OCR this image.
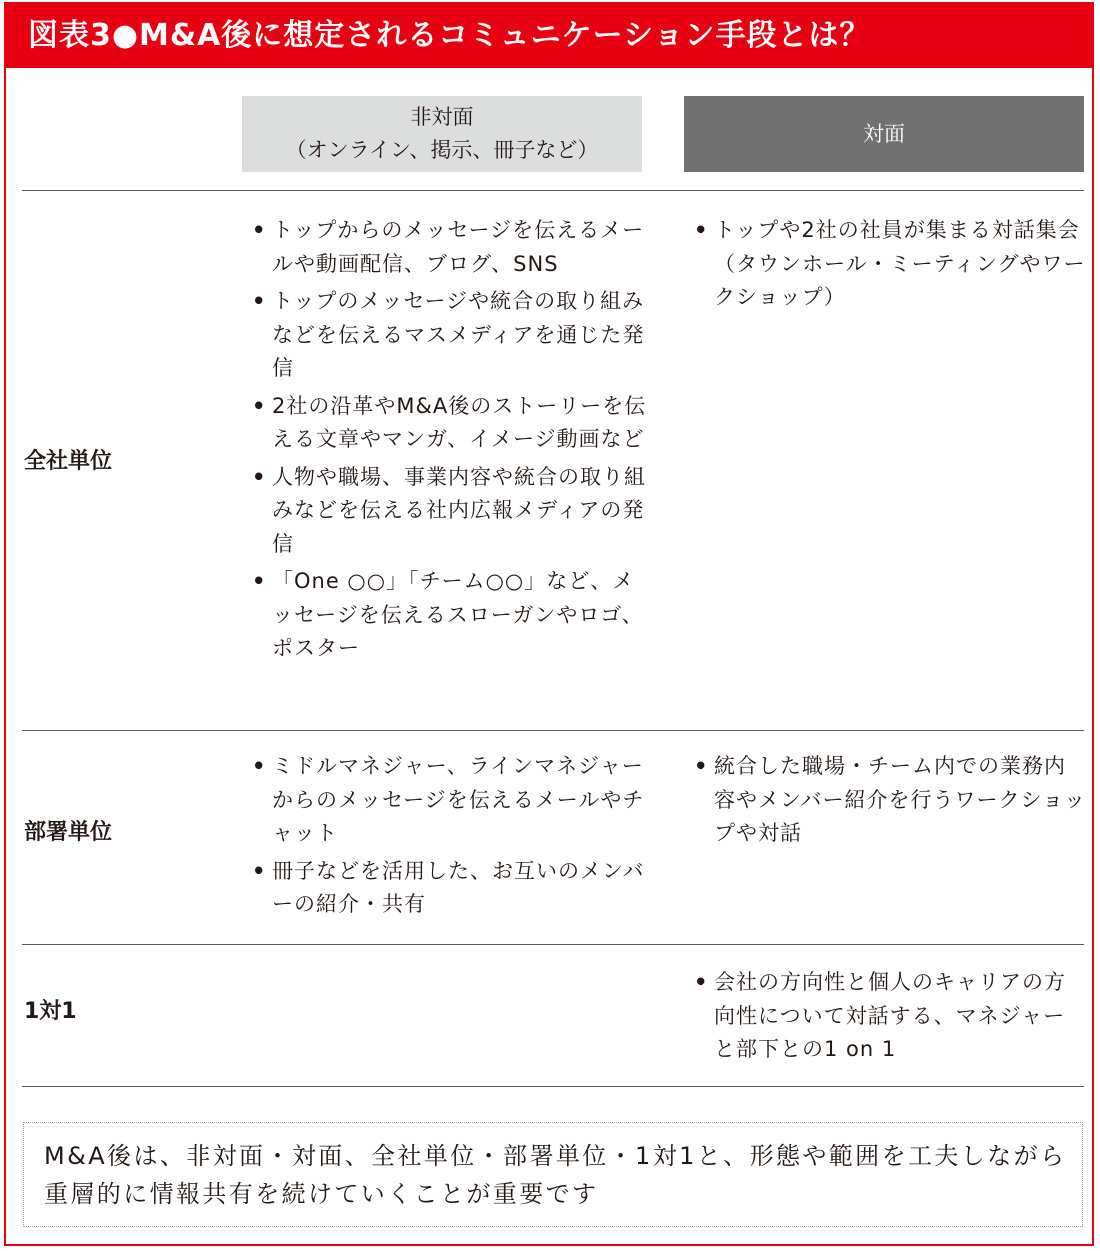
図表3●M&A後に想定されるコミュニケーション手段とは？
非対面
（オンライン、掲示、冊子など）
対面
全社単位
• トップからのメッセージを伝えるメールや動画配信、ブログ、SNS
• トップのメッセージや統合の取り組みなどを伝えるマスメディアを通じた発信
• 2社の沿革やM&A後のストーリーを伝える文章やマンガ、イメージ動画など
• 人物や職場、事業内容や統合の取り組みなどを伝える社内広報メディアの発信
• 「One ○○」「チーム○○」など、メッセージを伝えるスローガンやロゴ、ポスター
• トップや2社の社員が集まる対話集会（タウンホール・ミーティングやワークショップ）
部署単位
• ミドルマネジャー、ラインマネジャーからのメッセージを伝えるメールやチャット
• 冊子などを活用した、お互いのメンバーの紹介・共有
• 統合した職場・チーム内での業務内容やメンバー紹介を行うワークショップや対話
1対1
• 会社の方向性と個人のキャリアの方向性について対話する、マネジャーと部下との1 on 1
M&A後は、非対面・対面、全社単位・部署単位・1対1と、形態や範囲を工夫しながら重層的に情報共有を続けていくことが重要です
